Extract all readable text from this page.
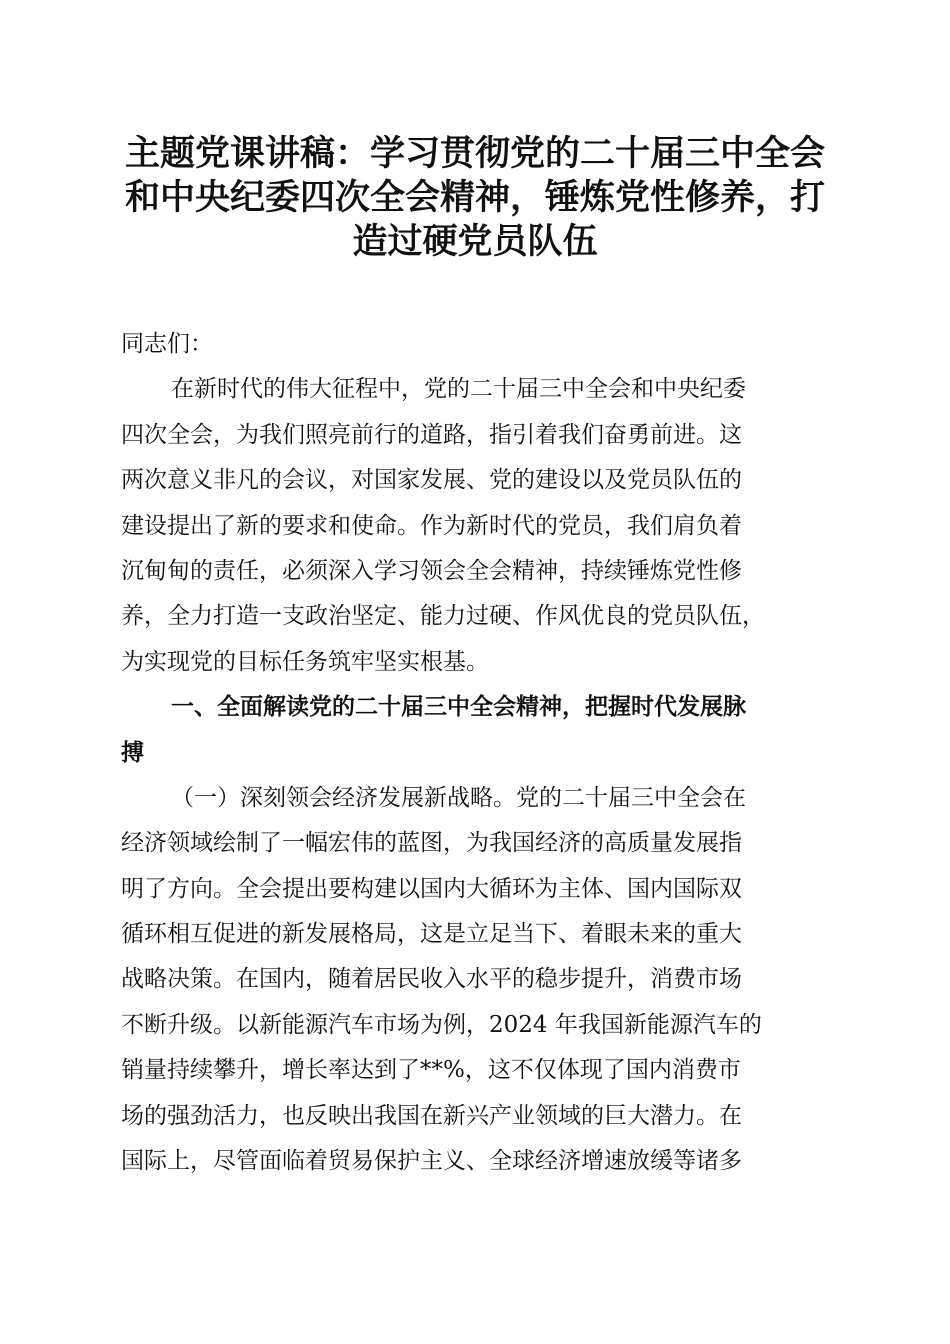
主题党课讲稿：学习贯彻党的二十届三中全会
和中央纪委四次全会精神，锤炼党性修养，打
造过硬党员队伍
同志们：
在新时代的伟大征程中，党的二十届三中全会和中央纪委
四次全会，为我们照亮前行的道路，指引着我们奋勇前进。这
两次意义非凡的会议，对国家发展、党的建设以及党员队伍的
建设提出了新的要求和使命。作为新时代的党员，我们肩负着
沉甸甸的责任，必须深入学习领会全会精神，持续锤炼党性修
养，全力打造一支政治坚定、能力过硬、作风优良的党员队伍，
为实现党的目标任务筑牢坚实根基。
一、全面解读党的二十届三中全会精神，把握时代发展脉
搏
（一）深刻领会经济发展新战略。党的二十届三中全会在
经济领域绘制了一幅宏伟的蓝图，为我国经济的高质量发展指
明了方向。全会提出要构建以国内大循环为主体、国内国际双
循环相互促进的新发展格局，这是立足当下、着眼未来的重大
战略决策。在国内，随着居民收入水平的稳步提升，消费市场
不断升级。以新能源汽车市场为例，2024 年我国新能源汽车的
销量持续攀升，增长率达到了**%，这不仅体现了国内消费市
场的强劲活力，也反映出我国在新兴产业领域的巨大潜力。在
国际上，尽管面临着贸易保护主义、全球经济增速放缓等诸多
